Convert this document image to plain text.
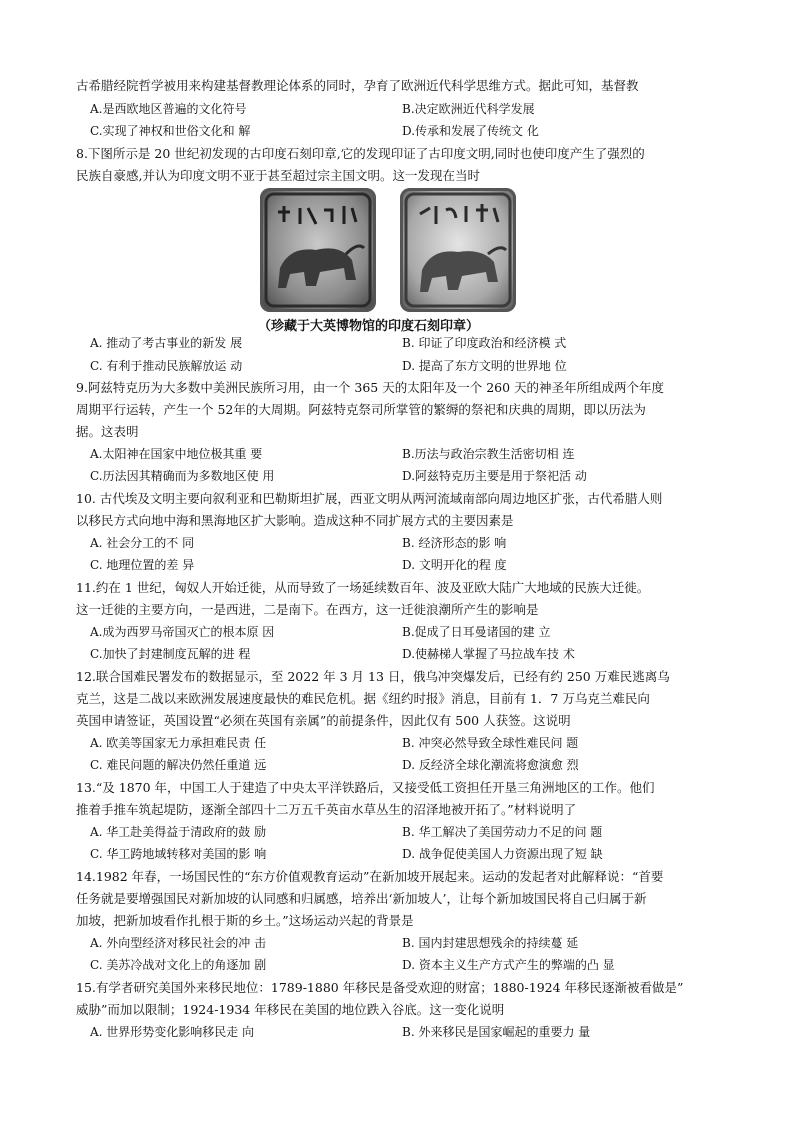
古希腊经院哲学被用来构建基督教理论体系的同时，孕育了欧洲近代科学思维方式。据此可知，基督教
A.是西欧地区普遍的文化符号	B.决定欧洲近代科学发展
C.实现了神权和世俗文化和 解	D.传承和发展了传统文 化
8.下图所示是 20 世纪初发现的古印度石刻印章,它的发现印证了古印度文明,同时也使印度产生了强烈的
民族自豪感,并认为印度文明不亚于甚至超过宗主国文明。这一发现在当时
（珍藏于大英博物馆的印度石刻印章）
A. 推动了考古事业的新发 展	B. 印证了印度政治和经济模 式
C. 有利于推动民族解放运 动	D. 提高了东方文明的世界地 位
9.阿兹特克历为大多数中美洲民族所习用，由一个 365 天的太阳年及一个 260 天的神圣年所组成两个年度
周期平行运转，产生一个 52年的大周期。阿兹特克祭司所掌管的繁缛的祭祀和庆典的周期，即以历法为
据。这表明
A.太阳神在国家中地位极其重 要	B.历法与政治宗教生活密切相 连
C.历法因其精确而为多数地区使 用	D.阿兹特克历主要是用于祭祀活 动
10. 古代埃及文明主要向叙利亚和巴勒斯坦扩展，西亚文明从两河流域南部向周边地区扩张，古代希腊人则
以移民方式向地中海和黑海地区扩大影响。造成这种不同扩展方式的主要因素是
A. 社会分工的不 同	B. 经济形态的影 响
C. 地理位置的差 异	D. 文明开化的程 度
11.约在 1 世纪，匈奴人开始迁徙，从而导致了一场延续数百年、波及亚欧大陆广大地域的民族大迁徙。
这一迁徙的主要方向，一是西进，二是南下。在西方，这一迁徙浪潮所产生的影响是
A.成为西罗马帝国灭亡的根本原 因	B.促成了日耳曼诸国的建 立
C.加快了封建制度瓦解的进 程	D.使赫梯人掌握了马拉战车技 术
12.联合国难民署发布的数据显示，至 2022 年 3 月 13 日，俄乌冲突爆发后，已经有约 250 万难民逃离乌
克兰，这是二战以来欧洲发展速度最快的难民危机。据《纽约时报》消息，目前有 1．7 万乌克兰难民向
英国申请签证，英国设置“必须在英国有亲属”的前提条件，因此仅有 500 人获签。这说明
A. 欧美等国家无力承担难民责 任	B. 冲突必然导致全球性难民问 题
C. 难民问题的解决仍然任重道 远	D. 反经济全球化潮流将愈演愈 烈
13.“及 1870 年，中国工人于建造了中央太平洋铁路后，又接受低工资担任开垦三角洲地区的工作。他们
推着手推车筑起堤防，逐渐全部四十二万五千英亩水草丛生的沼泽地被开拓了。”材料说明了
A. 华工赴美得益于清政府的鼓 励	B. 华工解决了美国劳动力不足的问 题
C. 华工跨地域转移对美国的影 响	D. 战争促使美国人力资源出现了短 缺
14.1982 年春，一场国民性的“东方价值观教育运动”在新加坡开展起来。运动的发起者对此解释说：“首要
任务就是要增强国民对新加坡的认同感和归属感，培养出‘新加坡人’，让每个新加坡国民将自己归属于新
加坡，把新加坡看作扎根于斯的乡土。”这场运动兴起的背景是
A. 外向型经济对移民社会的冲 击	B. 国内封建思想残余的持续蔓 延
C. 美苏冷战对文化上的角逐加 剧	D. 资本主义生产方式产生的弊端的凸 显
15.有学者研究美国外来移民地位：1789-1880 年移民是备受欢迎的财富；1880-1924 年移民逐渐被看做是”
威胁”而加以限制；1924-1934 年移民在美国的地位跌入谷底。这一变化说明
A. 世界形势变化影响移民走 向	B. 外来移民是国家崛起的重要力 量
